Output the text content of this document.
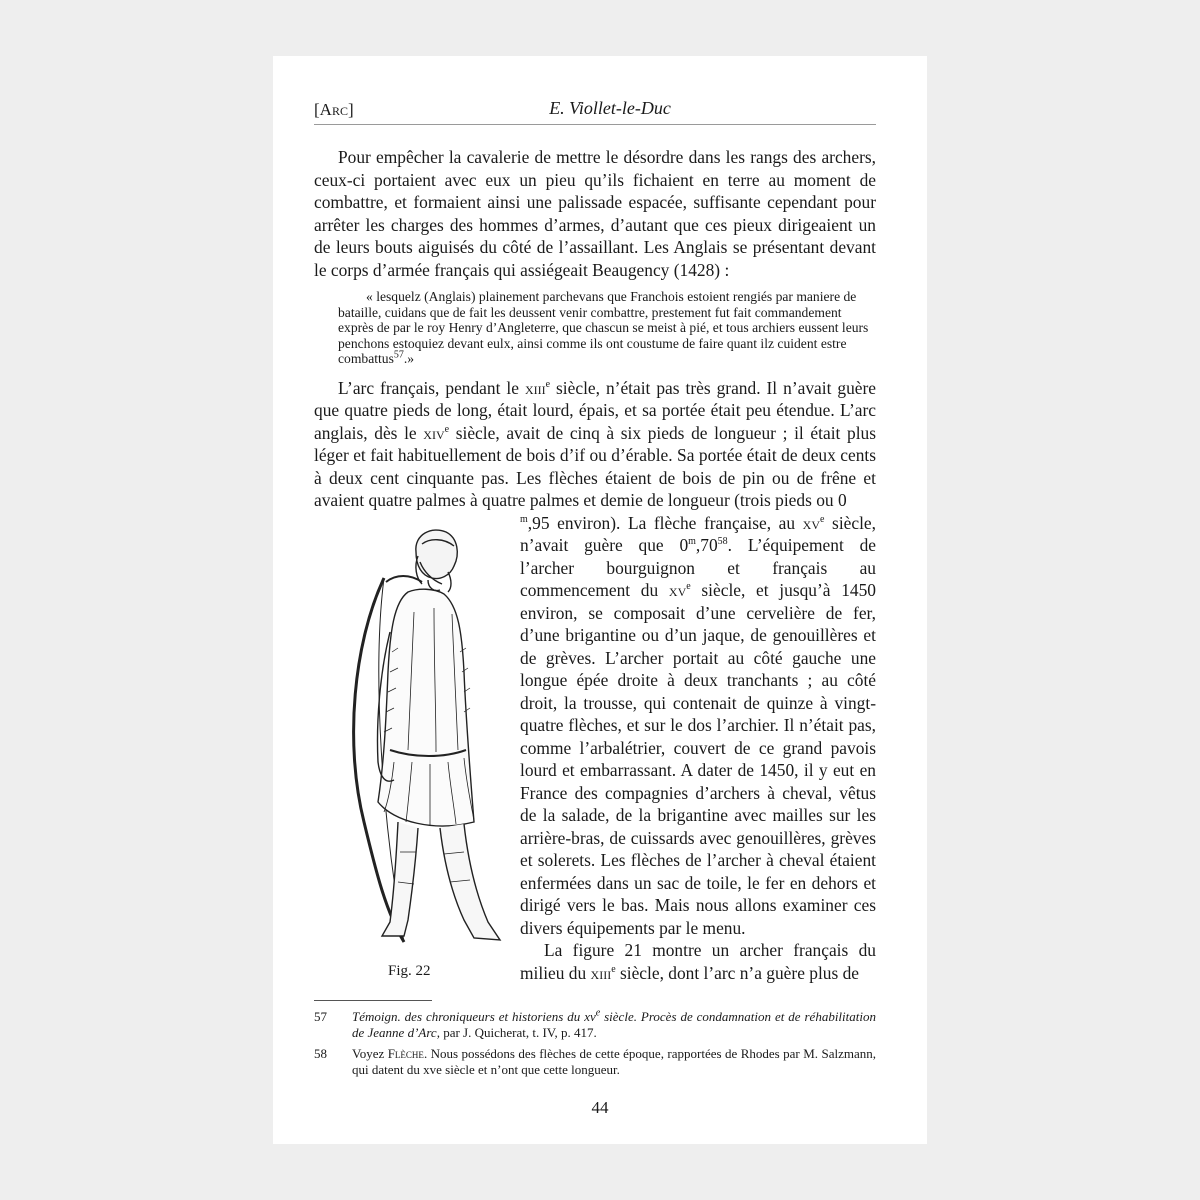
[Arc]	E. Viollet-le-Duc

Pour empêcher la cavalerie de mettre le désordre dans les rangs des archers, ceux-ci portaient avec eux un pieu qu’ils fichaient en terre au moment de combattre, et formaient ainsi une palissade espacée, suffisante cependant pour arrêter les charges des hommes d’armes, d’autant que ces pieux dirigeaient un de leurs bouts aiguisés du côté de l’assaillant. Les Anglais se présentant devant le corps d’armée français qui assiégeait Beaugency (1428) :

« lesquelz (Anglais) plainement parchevans que Franchois estoient rengiés par maniere de bataille, cuidans que de fait les deussent venir combattre, prestement fut fait commandement exprès de par le roy Henry d’Angleterre, que chascun se meist à pié, et tous archiers eussent leurs penchons estoquiez devant eulx, ainsi comme ils ont coustume de faire quant ilz cuident estre combattus$^{57}$.»

L’arc français, pendant le xiii$^e$ siècle, n’était pas très grand. Il n’avait guère que quatre pieds de long, était lourd, épais, et sa portée était peu étendue. L’arc anglais, dès le xiv$^e$ siècle, avait de cinq à six pieds de longueur ; il était plus léger et fait habituellement de bois d’if ou d’érable. Sa portée était de deux cents à deux cent cinquante pas. Les flèches étaient de bois de pin ou de frêne et avaient quatre palmes à quatre palmes et demie de longueur (trois pieds ou 0

Fig. 22
$^m$,95 environ). La flèche française, au $xv^e$ siècle, n’avait guère que $0^m,70^{58}$. L’équipement de l’archer bourguignon et français au commencement du $xv^e$ siècle, et jusqu’à 1450 environ, se composait d’une cervelière de fer, d’une brigantine ou d’un jaque, de genouillères et de grèves. L’archer portait au côté gauche une longue épée droite à deux tranchants ; au côté droit, la trousse, qui contenait de quinze à vingt-quatre flèches, et sur le dos l’archier. Il n’était pas, comme l’arbalétrier, couvert de ce grand pavois lourd et embarrassant. A dater de 1450, il y eut en France des compagnies d’archers à cheval, vêtus de la salade, de la brigantine avec mailles sur les arrière-bras, de cuissards avec genouillères, grèves et solerets. Les flèches de l’archer à cheval étaient enfermées dans un sac de toile, le fer en dehors et dirigé vers le bas. Mais nous allons examiner ces divers équipements par le menu.

La figure 21 montre un archer français du milieu du xiii$^e$ siècle, dont l’arc n’a guère plus de

57	Témoign. des chroniqueurs et historiens du $xv^e$ siècle. Procès de condamnation et de réhabilitation de Jeanne d’Arc, par J. Quicherat, t. IV, p. 417.
58	Voyez Flèche. Nous possédons des flèches de cette époque, rapportées de Rhodes par M. Salzmann, qui datent du xve siècle et n’ont que cette longueur.
44
